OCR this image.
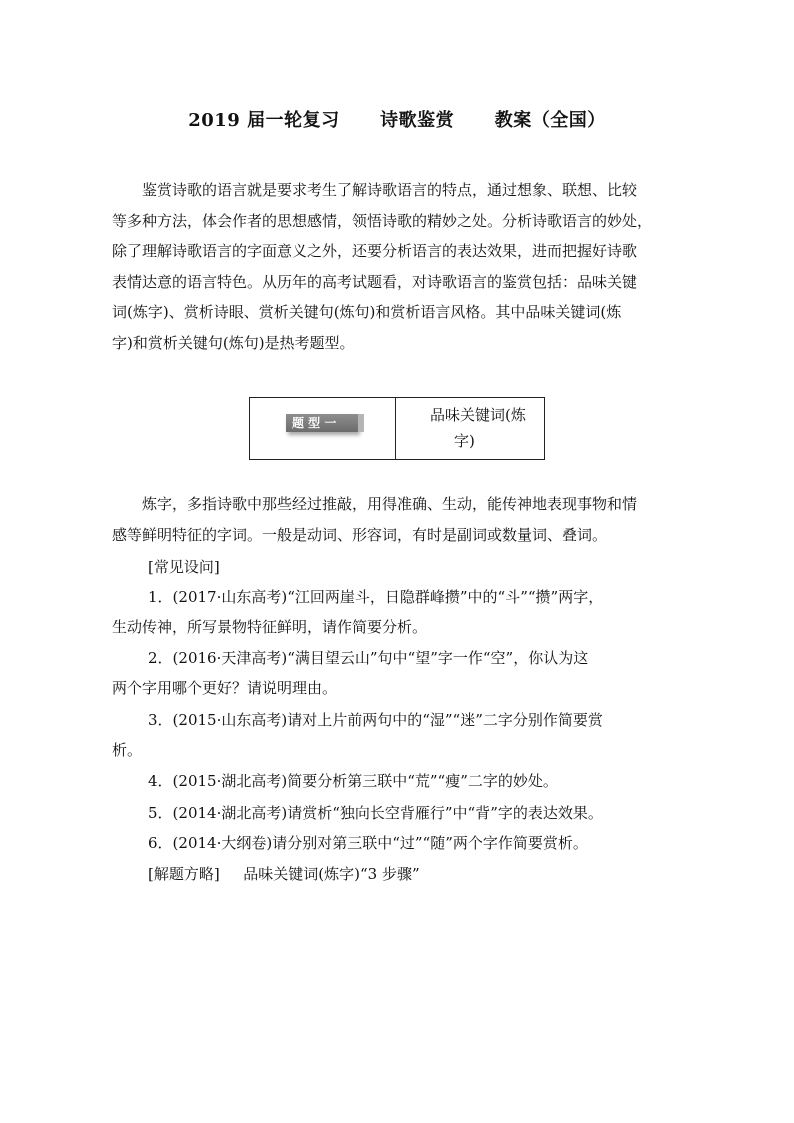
2019 届一轮复习      诗歌鉴赏      教案（全国）
鉴赏诗歌的语言就是要求考生了解诗歌语言的特点，通过想象、联想、比较
等多种方法，体会作者的思想感情，领悟诗歌的精妙之处。分析诗歌语言的妙处，
除了理解诗歌语言的字面意义之外，还要分析语言的表达效果，进而把握好诗歌
表情达意的语言特色。从历年的高考试题看，对诗歌语言的鉴赏包括：品味关键
词(炼字)、赏析诗眼、赏析关键句(炼句)和赏析语言风格。其中品味关键词(炼
字)和赏析关键句(炼句)是热考题型。
题 型 一	品味关键词(炼
字)
炼字，多指诗歌中那些经过推敲，用得准确、生动，能传神地表现事物和情
感等鲜明特征的字词。一般是动词、形容词，有时是副词或数量词、叠词。
[常见设问]
1．(2017·山东高考)“江回两崖斗，日隐群峰攒”中的“斗”“攒”两字，
生动传神，所写景物特征鲜明，请作简要分析。
2．(2016·天津高考)“满目望云山”句中“望”字一作“空”，你认为这
两个字用哪个更好？请说明理由。
3．(2015·山东高考)请对上片前两句中的“湿”“迷”二字分别作简要赏
析。
4．(2015·湖北高考)简要分析第三联中“荒”“瘦”二字的妙处。
5．(2014·湖北高考)请赏析“独向长空背雁行”中“背”字的表达效果。
6．(2014·大纲卷)请分别对第三联中“过”“随”两个字作简要赏析。
[解题方略] 品味关键词(炼字)“3 步骤”
